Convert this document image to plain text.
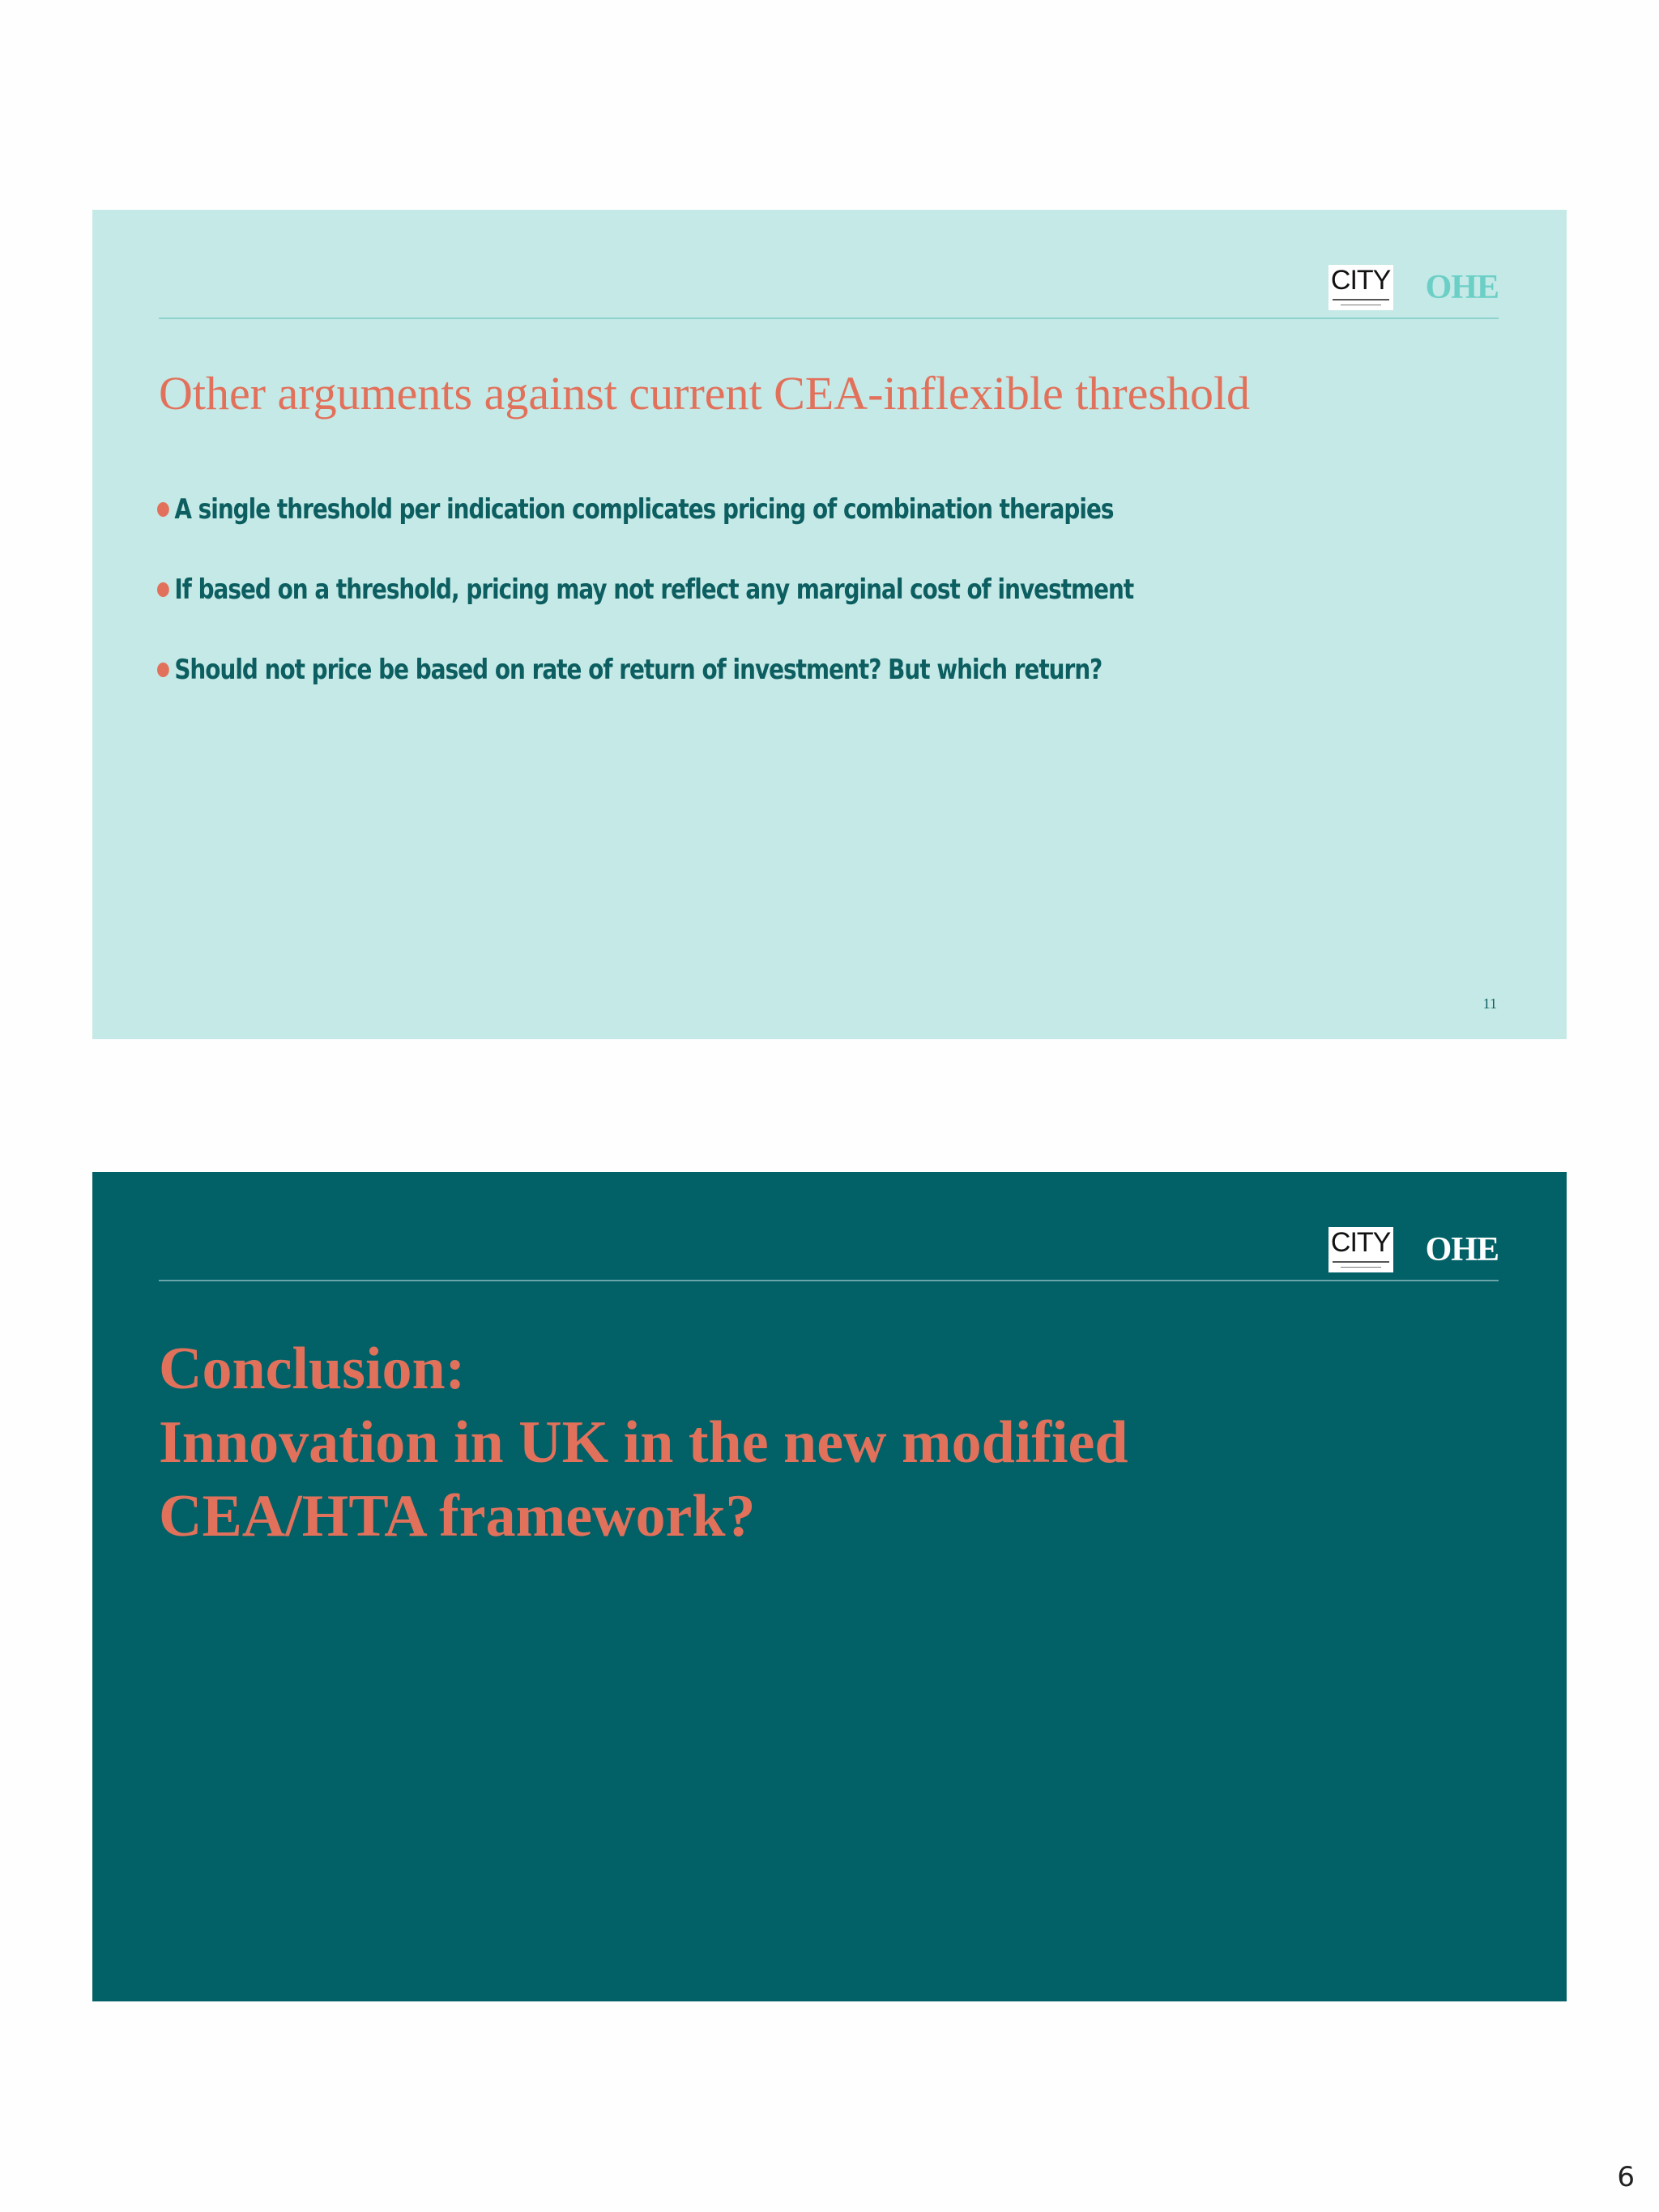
CITY OHE
Other arguments against current CEA-inflexible threshold
A single threshold per indication complicates pricing of combination therapies
If based on a threshold, pricing may not reflect any marginal cost of investment
Should not price be based on rate of return of investment? But which return?
11
CITY OHE
Conclusion:
Innovation in UK in the new modified
CEA/HTA framework?
6
